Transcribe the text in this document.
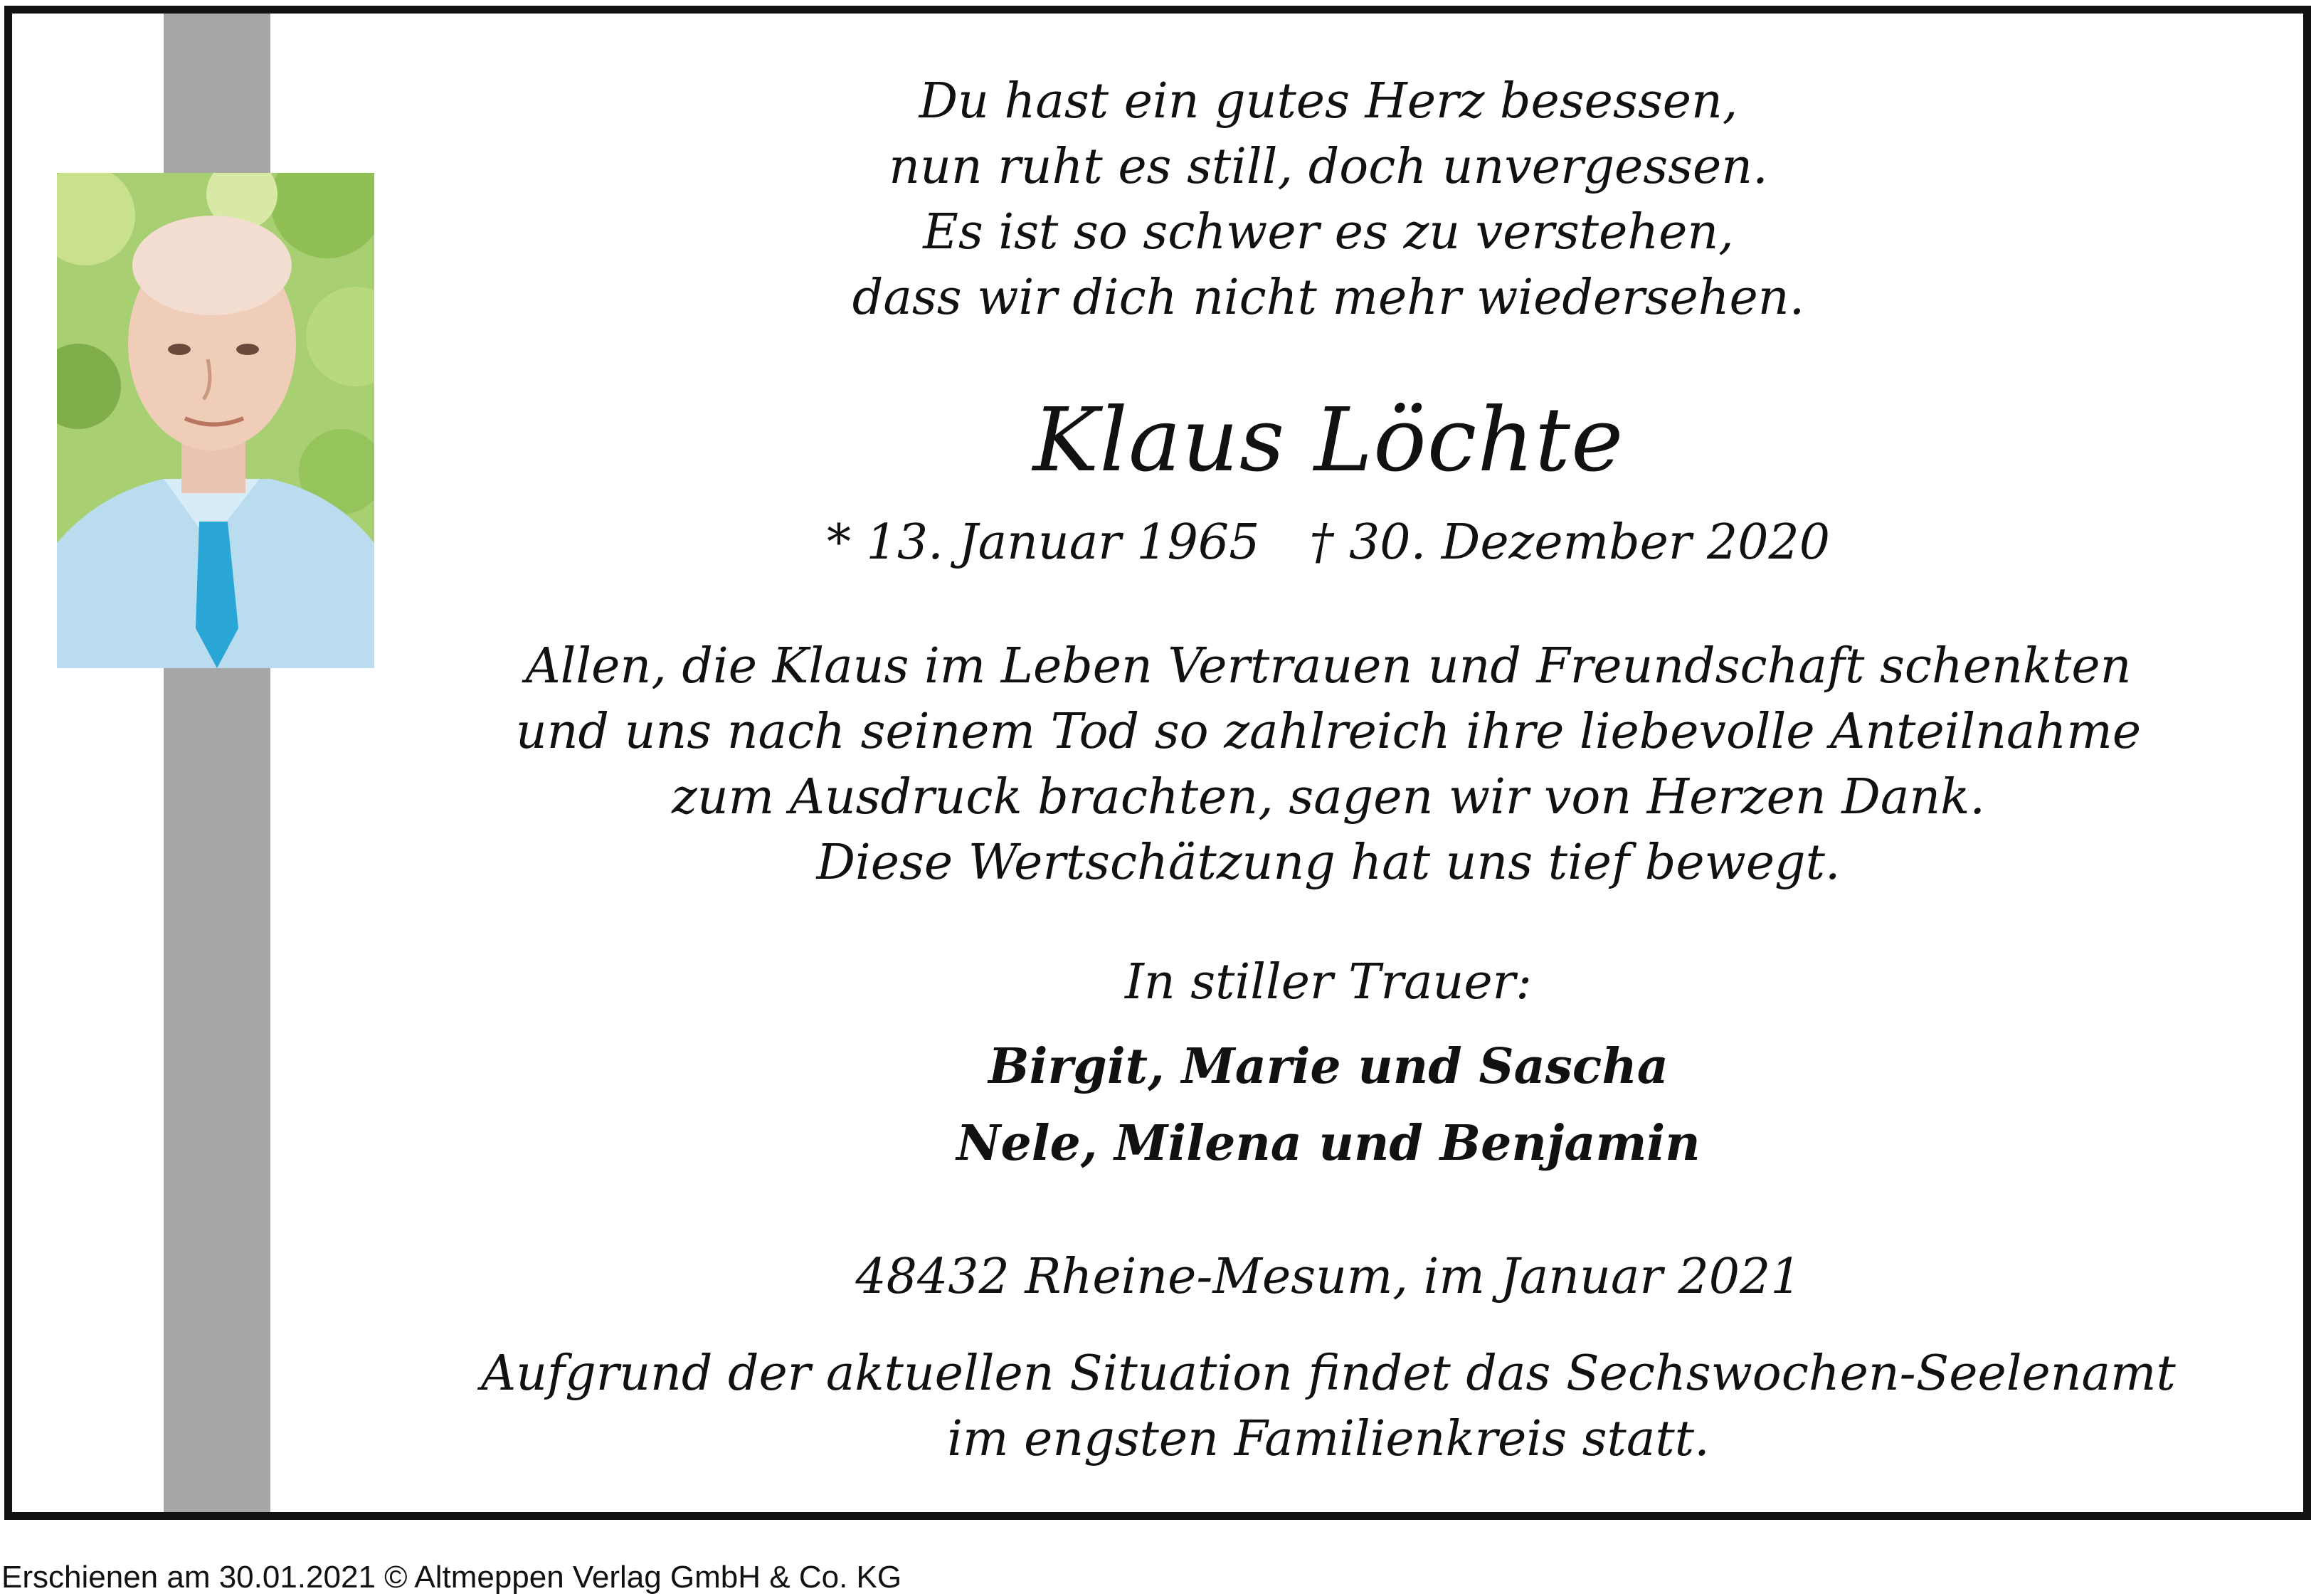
Du hast ein gutes Herz besessen,
nun ruht es still, doch unvergessen.
Es ist so schwer es zu verstehen,
dass wir dich nicht mehr wiedersehen.
Klaus Löchte
* 13. Januar 1965 † 30. Dezember 2020
Allen, die Klaus im Leben Vertrauen und Freundschaft schenkten
und uns nach seinem Tod so zahlreich ihre liebevolle Anteilnahme
zum Ausdruck brachten, sagen wir von Herzen Dank.
Diese Wertschätzung hat uns tief bewegt.
In stiller Trauer:
Birgit, Marie und Sascha
Nele, Milena und Benjamin
48432 Rheine-Mesum, im Januar 2021
Aufgrund der aktuellen Situation findet das Sechswochen-Seelenamt
im engsten Familienkreis statt.
Erschienen am 30.01.2021 © Altmeppen Verlag GmbH & Co. KG
